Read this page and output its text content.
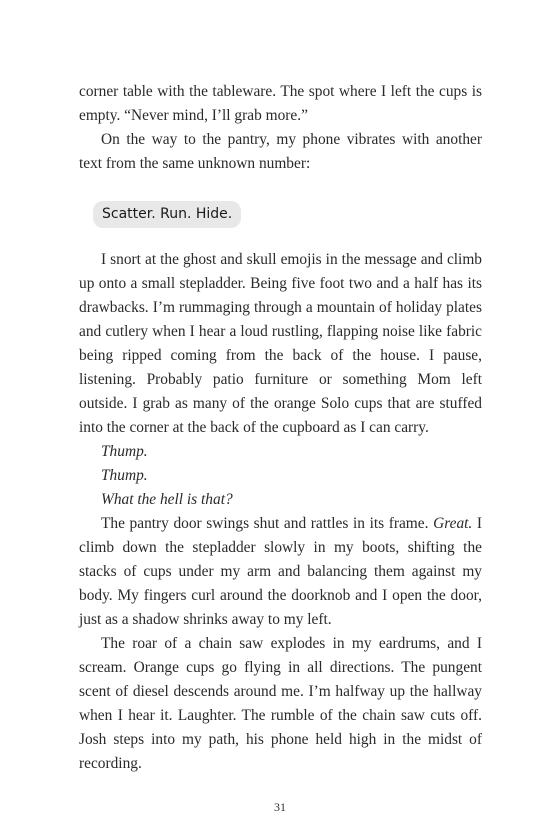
corner table with the tableware. The spot where I left the cups is empty. “Never mind, I’ll grab more.”

On the way to the pantry, my phone vibrates with another text from the same unknown number:

Scatter. Run. Hide.

I snort at the ghost and skull emojis in the message and climb up onto a small stepladder. Being five foot two and a half has its drawbacks. I’m rummaging through a mountain of holiday plates and cutlery when I hear a loud rustling, flapping noise like fabric being ripped coming from the back of the house. I pause, listening. Probably patio furniture or something Mom left outside. I grab as many of the orange Solo cups that are stuffed into the corner at the back of the cupboard as I can carry.

Thump.

Thump.

What the hell is that?

The pantry door swings shut and rattles in its frame. Great. I climb down the stepladder slowly in my boots, shifting the stacks of cups under my arm and balancing them against my body. My fingers curl around the doorknob and I open the door, just as a shadow shrinks away to my left.

The roar of a chain saw explodes in my eardrums, and I scream. Orange cups go flying in all directions. The pungent scent of diesel descends around me. I’m halfway up the hallway when I hear it. Laughter. The rumble of the chain saw cuts off. Josh steps into my path, his phone held high in the midst of recording.

31
